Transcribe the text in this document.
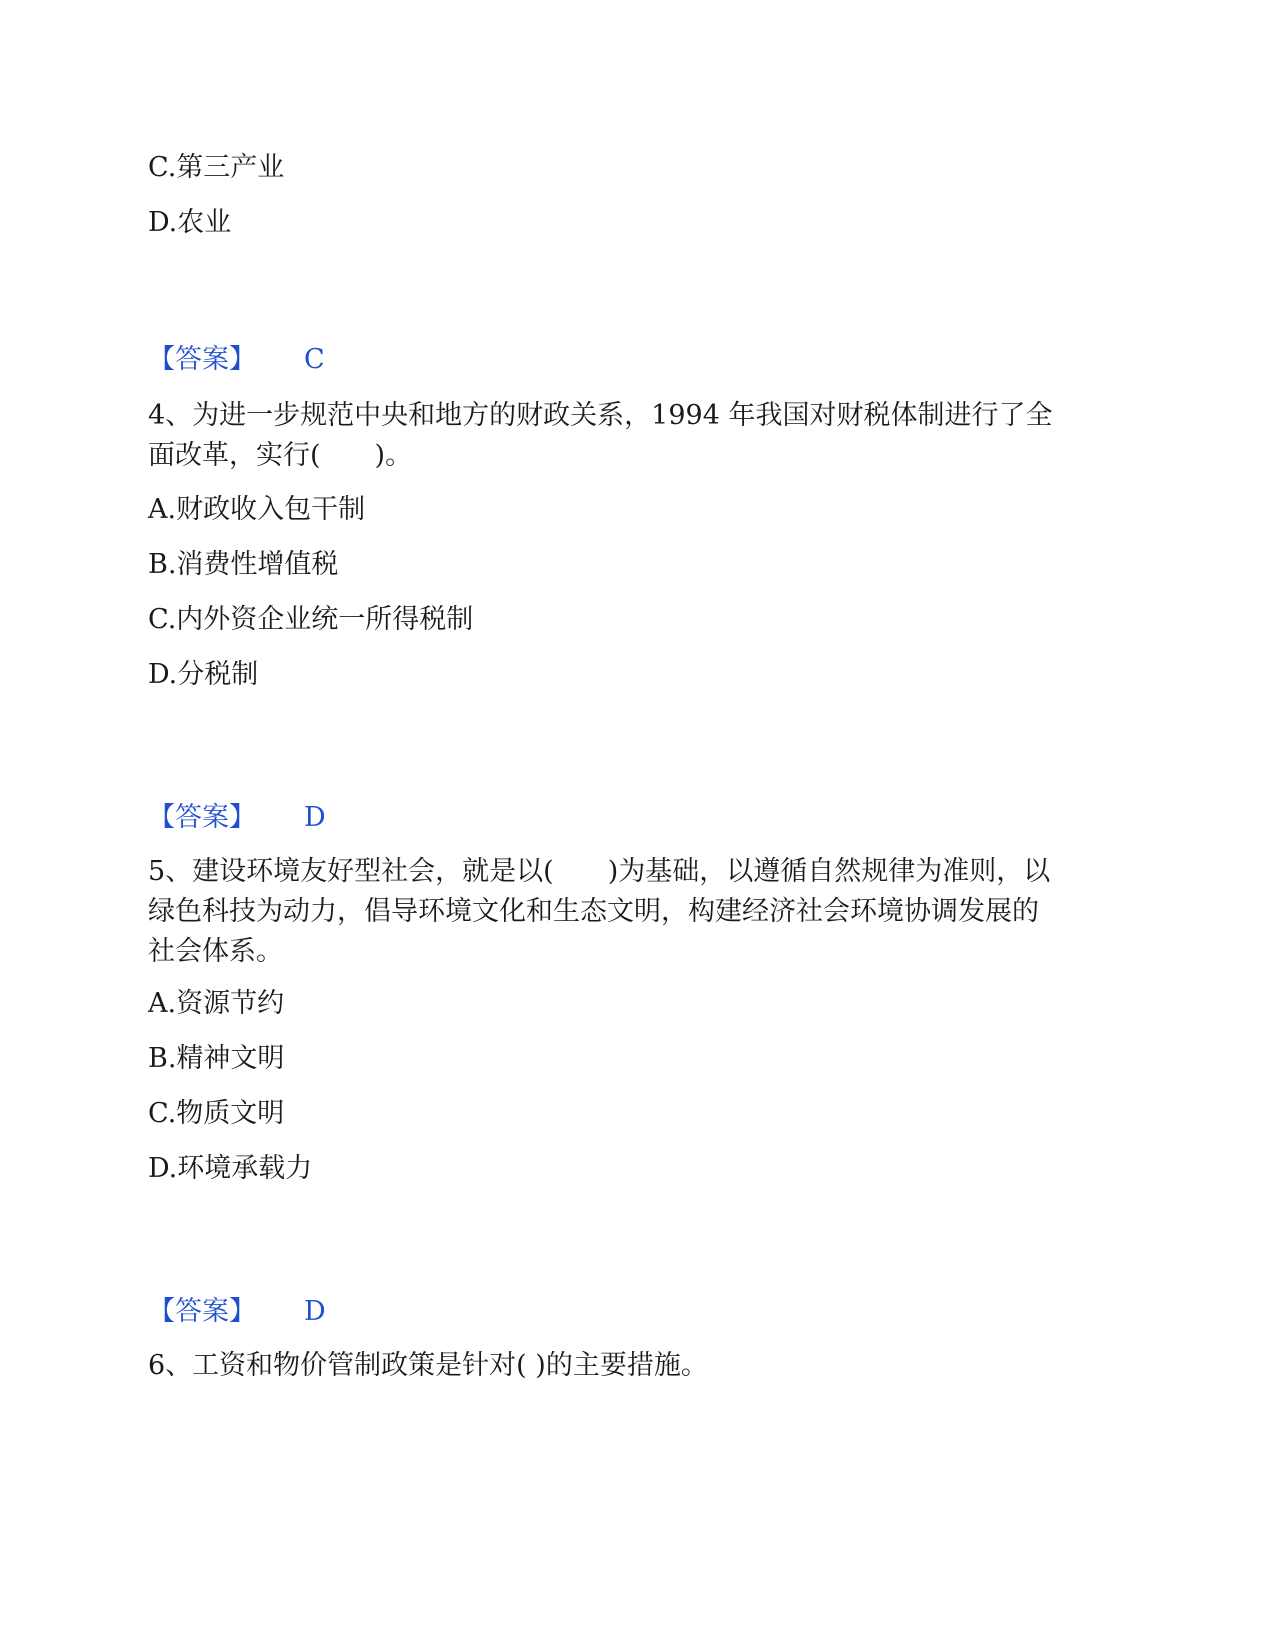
C.第三产业
D.农业
【答案】 C
4、为进一步规范中央和地方的财政关系，1994 年我国对财税体制进行了全
面改革，实行(　　)。
A.财政收入包干制
B.消费性增值税
C.内外资企业统一所得税制
D.分税制
【答案】 D
5、建设环境友好型社会，就是以(　　)为基础，以遵循自然规律为准则，以
绿色科技为动力，倡导环境文化和生态文明，构建经济社会环境协调发展的
社会体系。
A.资源节约
B.精神文明
C.物质文明
D.环境承载力
【答案】 D
6、工资和物价管制政策是针对( )的主要措施。
